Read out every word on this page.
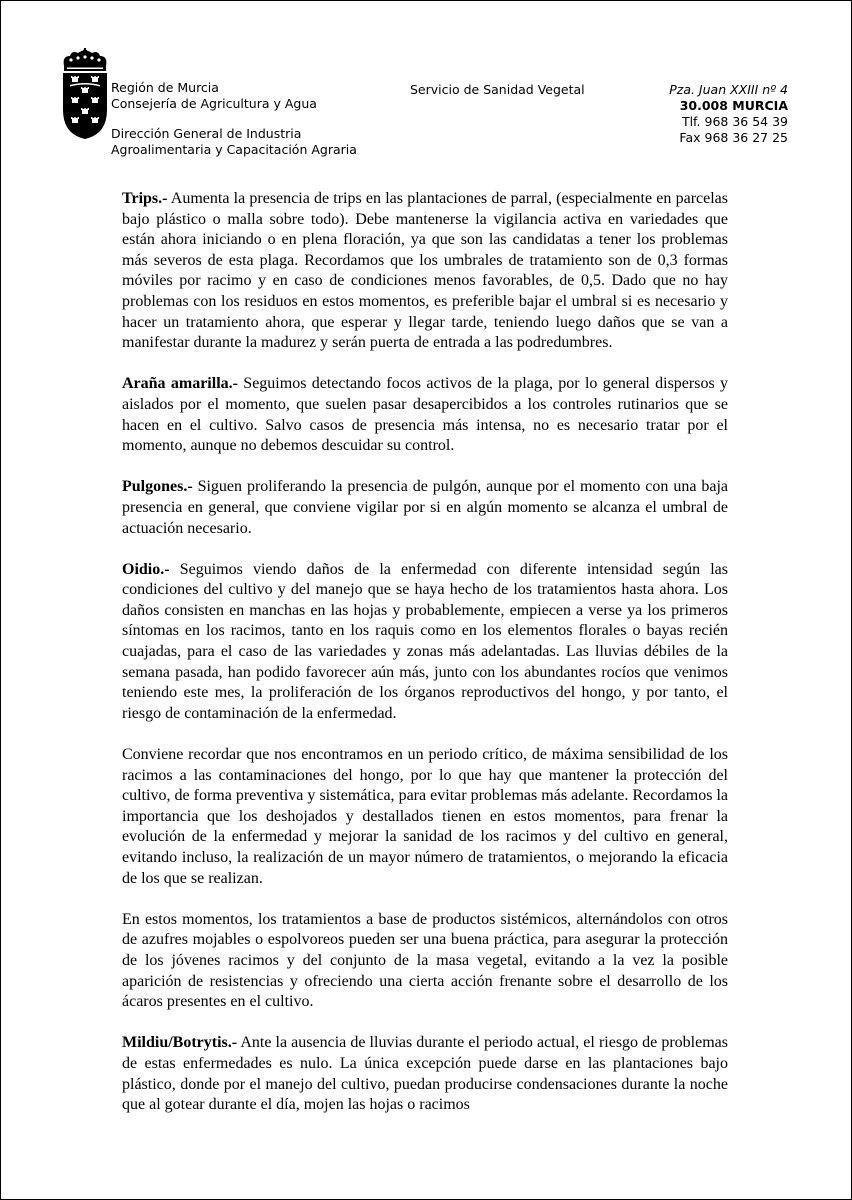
Región de Murcia
Consejería de Agricultura y Agua
Dirección General de Industria
Agroalimentaria y Capacitación Agraria
Servicio de Sanidad Vegetal	Pza. Juan XXIII nº 4
30.008 MURCIA
Tlf. 968 36 54 39
Fax 968 36 27 25

Trips.- Aumenta la presencia de trips en las plantaciones de parral, (especialmente en parcelas bajo plástico o malla sobre todo). Debe mantenerse la vigilancia activa en variedades que están ahora iniciando o en plena floración, ya que son las candidatas a tener los problemas más severos de esta plaga. Recordamos que los umbrales de tratamiento son de 0,3 formas móviles por racimo y en caso de condiciones menos favorables, de 0,5. Dado que no hay problemas con los residuos en estos momentos, es preferible bajar el umbral si es necesario y hacer un tratamiento ahora, que esperar y llegar tarde, teniendo luego daños que se van a manifestar durante la madurez y serán puerta de entrada a las podredumbres.

Araña amarilla.- Seguimos detectando focos activos de la plaga, por lo general dispersos y aislados por el momento, que suelen pasar desapercibidos a los controles rutinarios que se hacen en el cultivo. Salvo casos de presencia más intensa, no es necesario tratar por el momento, aunque no debemos descuidar su control.

Pulgones.- Siguen proliferando la presencia de pulgón, aunque por el momento con una baja presencia en general, que conviene vigilar por si en algún momento se alcanza el umbral de actuación necesario.

Oidio.- Seguimos viendo daños de la enfermedad con diferente intensidad según las condiciones del cultivo y del manejo que se haya hecho de los tratamientos hasta ahora. Los daños consisten en manchas en las hojas y probablemente, empiecen a verse ya los primeros síntomas en los racimos, tanto en los raquis como en los elementos florales o bayas recién cuajadas, para el caso de las variedades y zonas más adelantadas. Las lluvias débiles de la semana pasada, han podido favorecer aún más, junto con los abundantes rocíos que venimos teniendo este mes, la proliferación de los órganos reproductivos del hongo, y por tanto, el riesgo de contaminación de la enfermedad.

Conviene recordar que nos encontramos en un periodo crítico, de máxima sensibilidad de los racimos a las contaminaciones del hongo, por lo que hay que mantener la protección del cultivo, de forma preventiva y sistemática, para evitar problemas más adelante. Recordamos la importancia que los deshojados y destallados tienen en estos momentos, para frenar la evolución de la enfermedad y mejorar la sanidad de los racimos y del cultivo en general, evitando incluso, la realización de un mayor número de tratamientos, o mejorando la eficacia de los que se realizan.

En estos momentos, los tratamientos a base de productos sistémicos, alternándolos con otros de azufres mojables o espolvoreos pueden ser una buena práctica, para asegurar la protección de los jóvenes racimos y del conjunto de la masa vegetal, evitando a la vez la posible aparición de resistencias y ofreciendo una cierta acción frenante sobre el desarrollo de los ácaros presentes en el cultivo.

Mildiu/Botrytis.- Ante la ausencia de lluvias durante el periodo actual, el riesgo de problemas de estas enfermedades es nulo. La única excepción puede darse en las plantaciones bajo plástico, donde por el manejo del cultivo, puedan producirse condensaciones durante la noche que al gotear durante el día, mojen las hojas o racimos
